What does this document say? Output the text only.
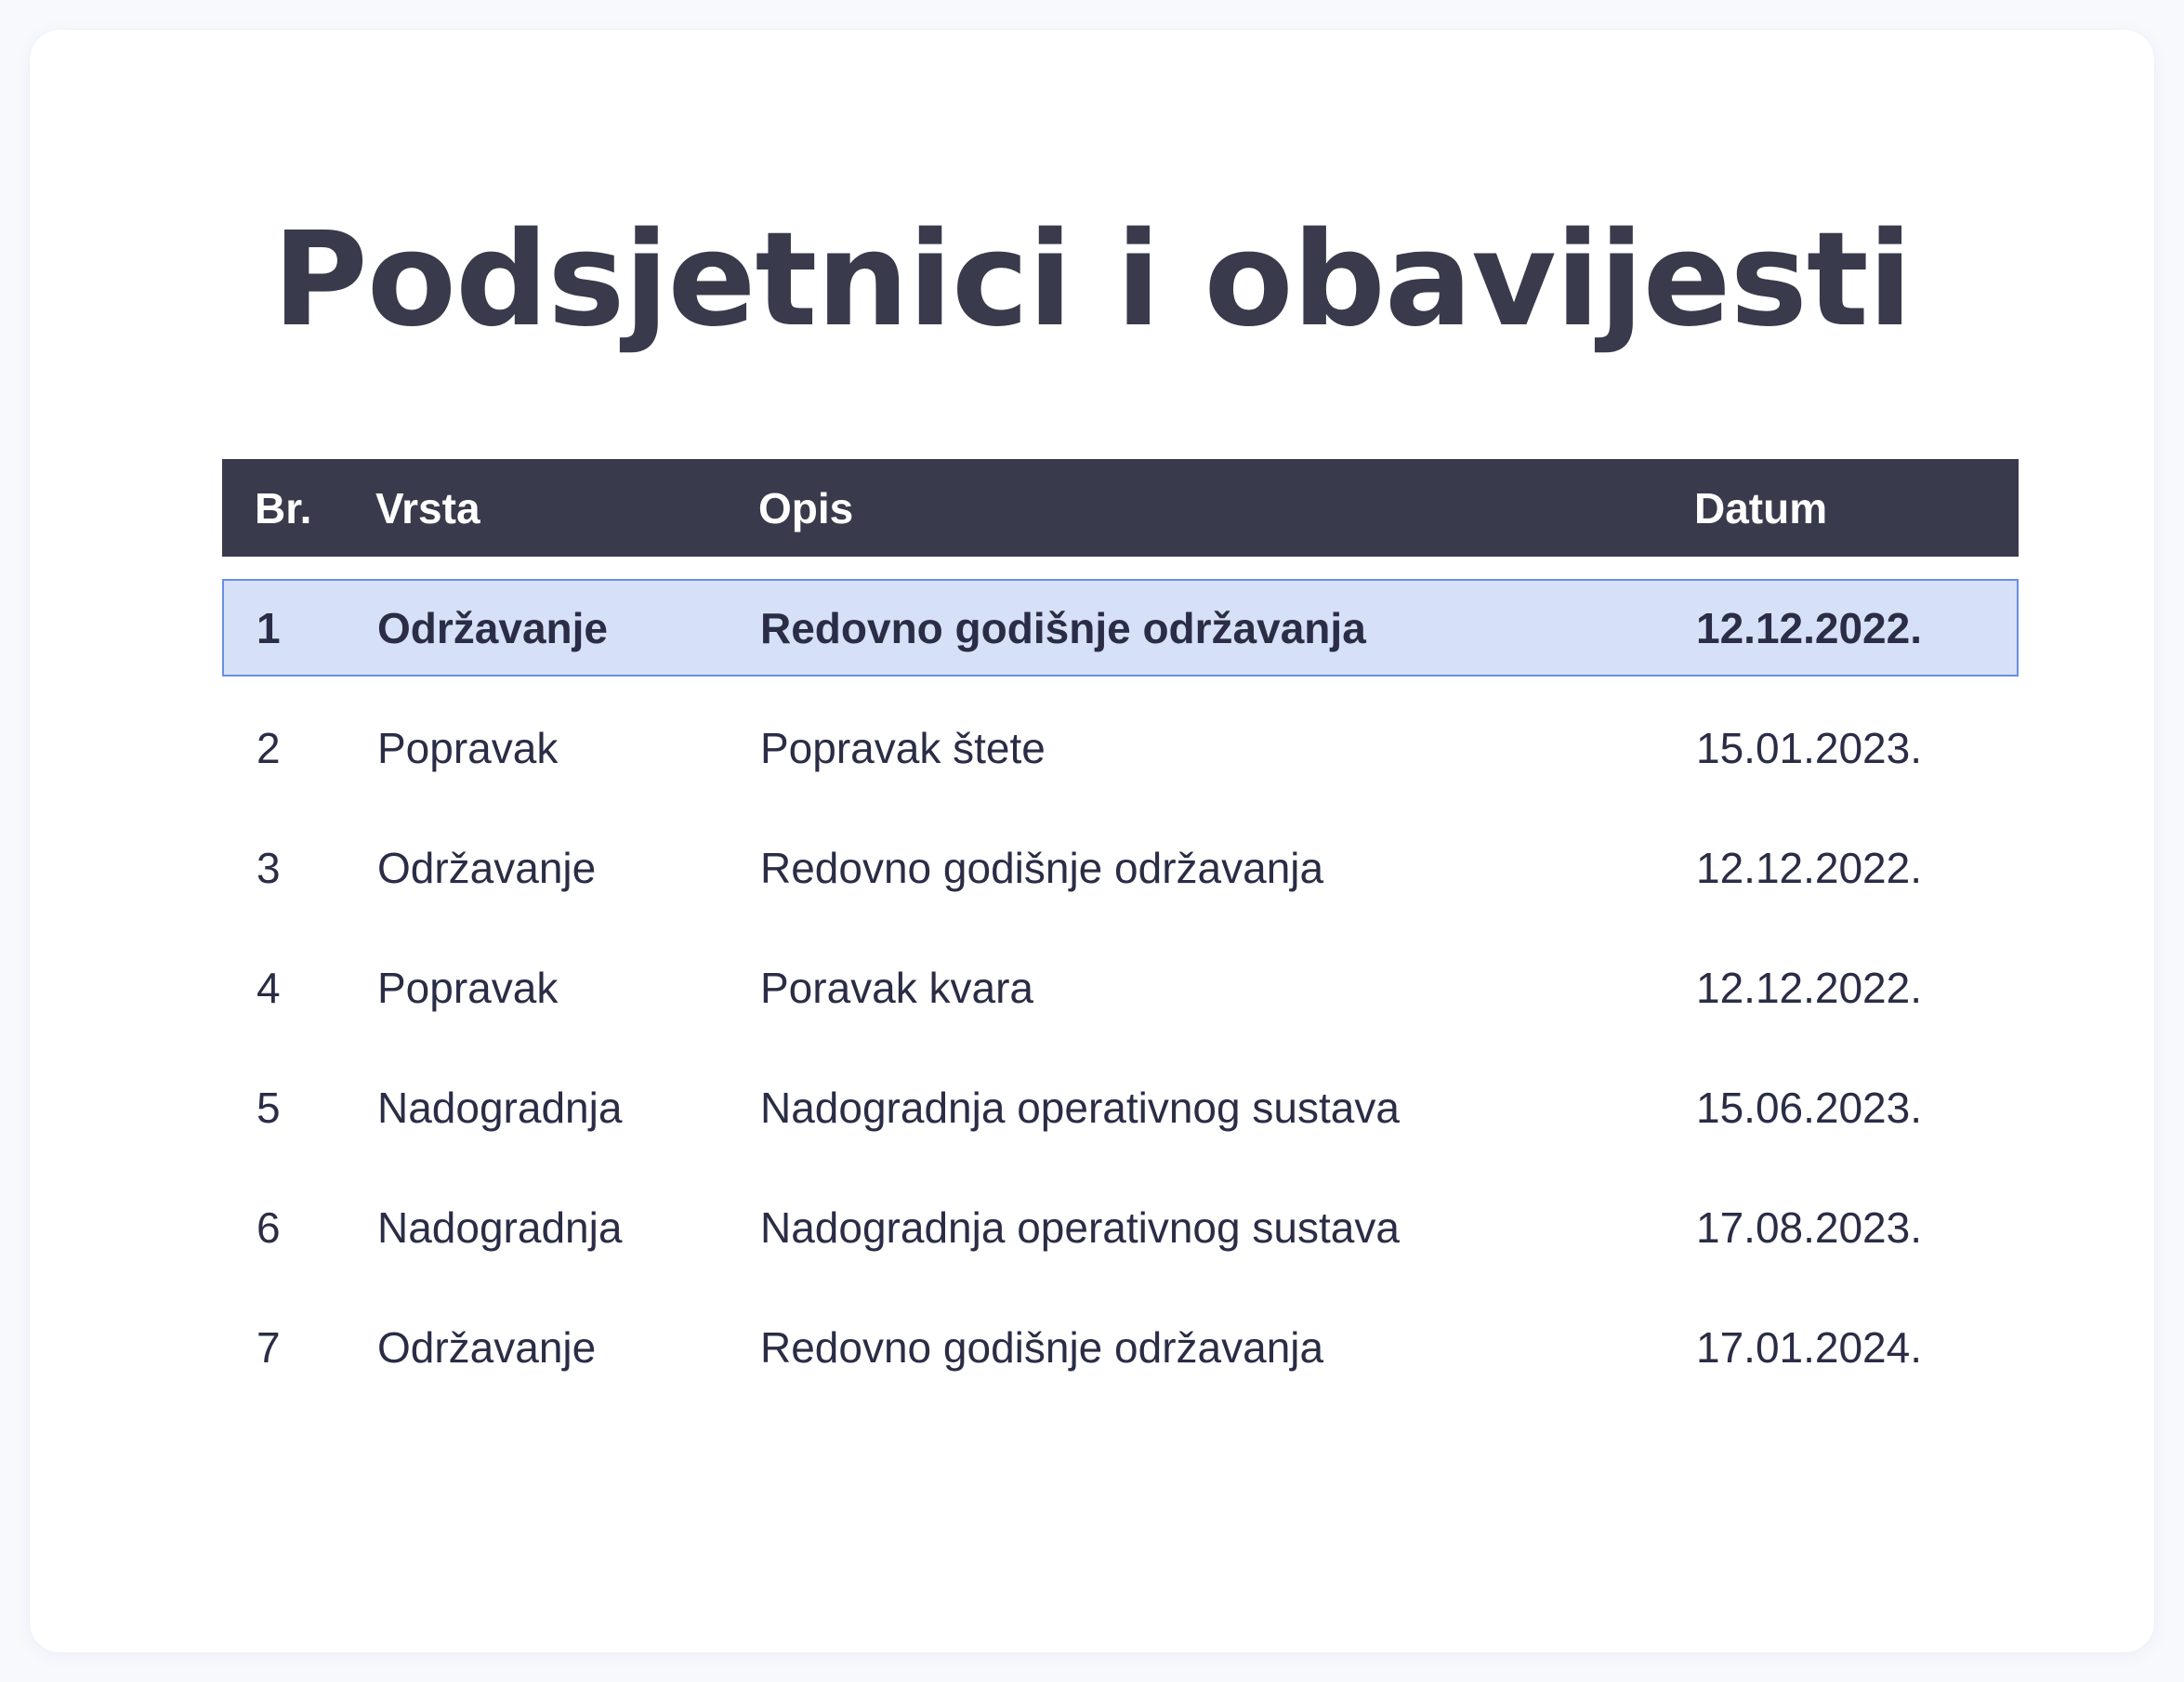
Podsjetnici i obavijesti
Br.	Vrsta	Opis	Datum
1	Održavanje	Redovno godišnje održavanja	12.12.2022.
2	Popravak	Popravak štete	15.01.2023.
3	Održavanje	Redovno godišnje održavanja	12.12.2022.
4	Popravak	Poravak kvara	12.12.2022.
5	Nadogradnja	Nadogradnja operativnog sustava	15.06.2023.
6	Nadogradnja	Nadogradnja operativnog sustava	17.08.2023.
7	Održavanje	Redovno godišnje održavanja	17.01.2024.
